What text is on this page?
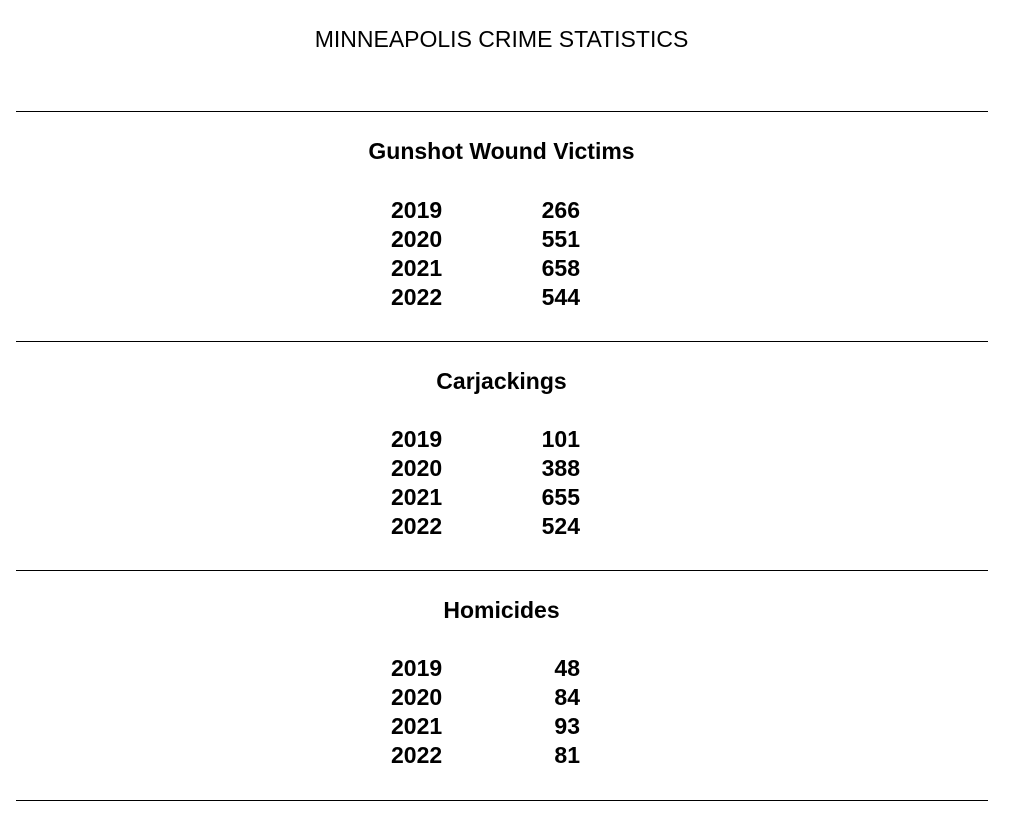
MINNEAPOLIS CRIME STATISTICS
Gunshot Wound Victims
2019	266
2020	551
2021	658
2022	544
Carjackings
2019	101
2020	388
2021	655
2022	524
Homicides
2019	48
2020	84
2021	93
2022	81
